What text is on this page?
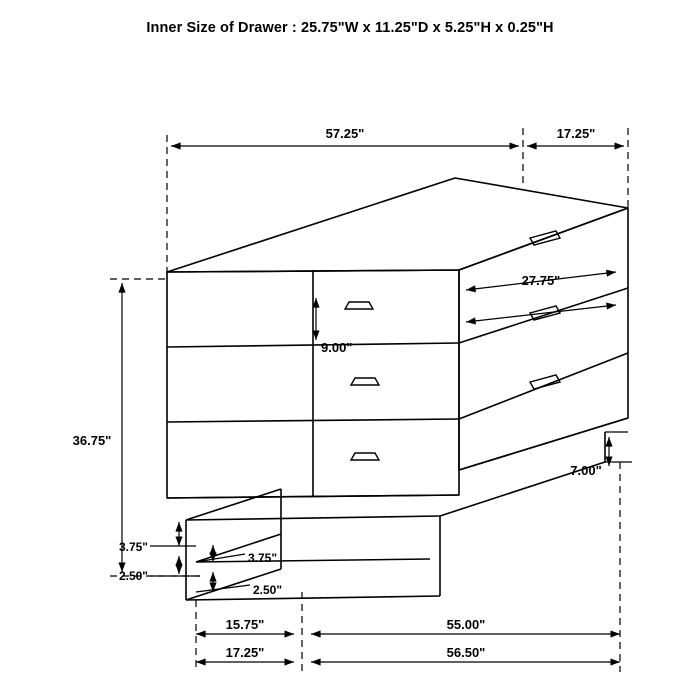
Inner Size of Drawer : 25.75"W x 11.25"D x 5.25"H x 0.25"H
57.25"	17.25"
27.75"
9.00"
36.75"
7.00"
3.75"
2.50"
3.75"
2.50"
15.75"	55.00"
17.25"	56.50"
